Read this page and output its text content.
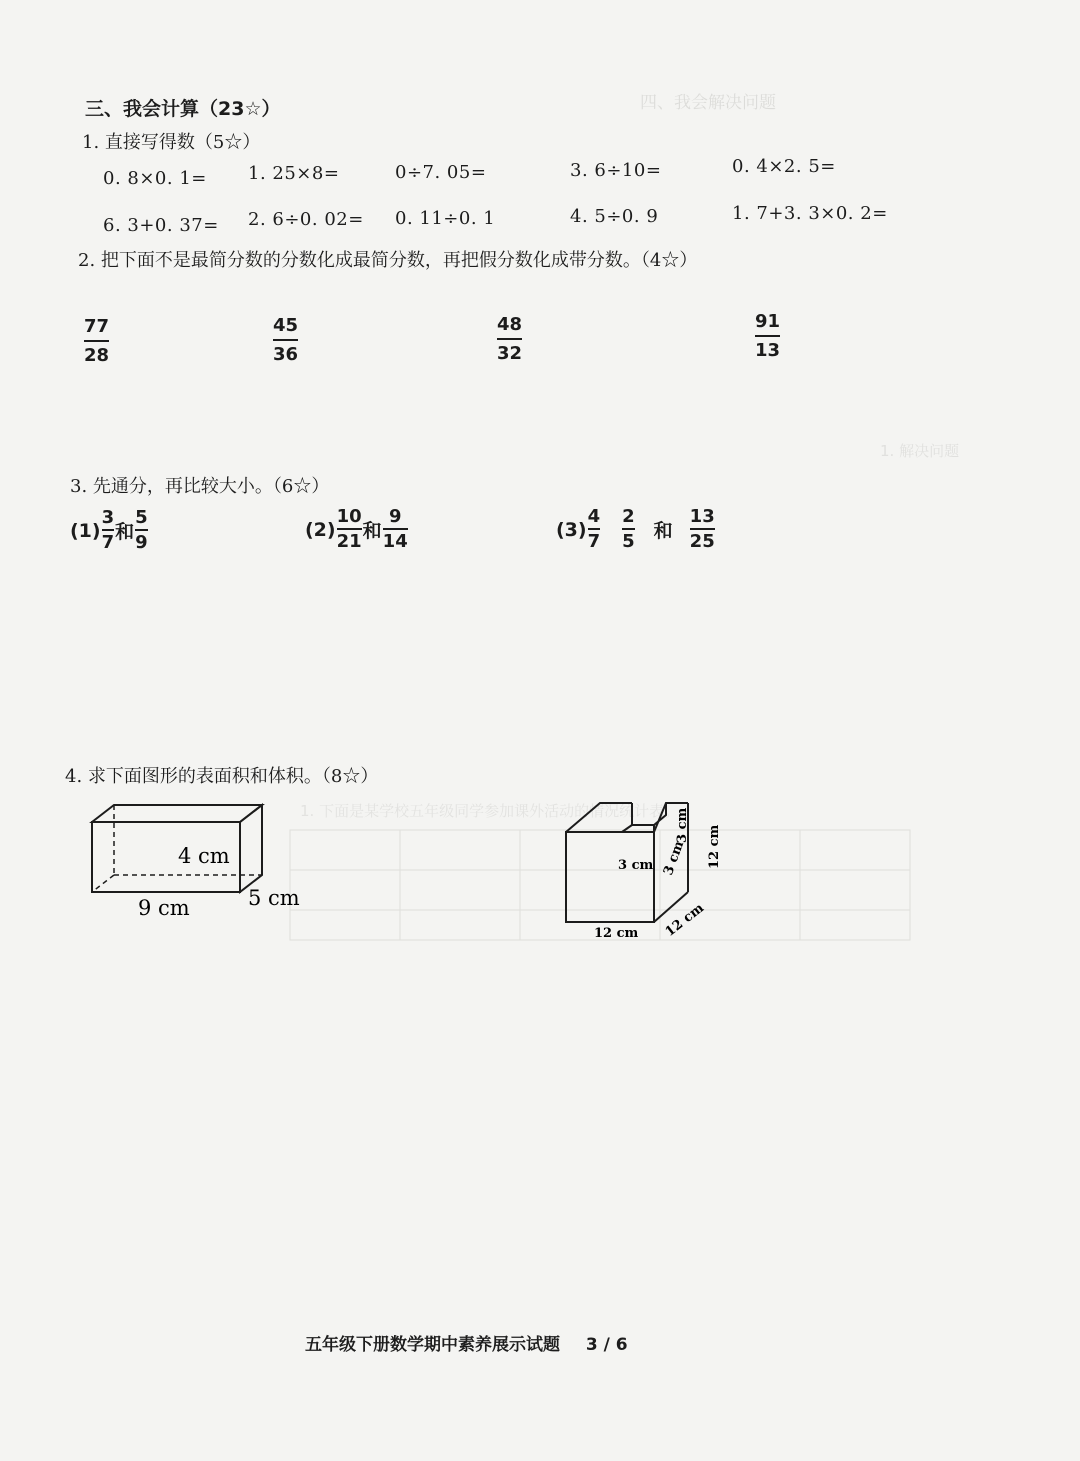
四、我会解决问题
1. 解决问题
1. 下面是某学校五年级同学参加课外活动的情况统计表。
三、我会计算（23☆）
1. 直接写得数（5☆）
0. 8×0. 1= 1. 25×8=	0÷7. 05=	3. 6÷10=	0. 4×2. 5=
6. 3+0. 37= 2. 6÷0. 02= 0. 11÷0. 1	4. 5÷0. 9	1. 7+3. 3×0. 2=
2. 把下面不是最简分数的分数化成最简分数，再把假分数化成带分数。（4☆）
77
28
45
36
48
32
91
13
3. 先通分，再比较大小。（6☆）
(1)
3
7 和
5
9
(2)
10
21 和
9
14
(3)
4
7
2
5 和
13
25
4. 求下面图形的表面积和体积。（8☆）
4 cm
9 cm	5 cm
3 cm 3 cm
3 cm 12 cm
12 cm 12 cm
五年级下册数学期中素养展示试题 3 / 6
